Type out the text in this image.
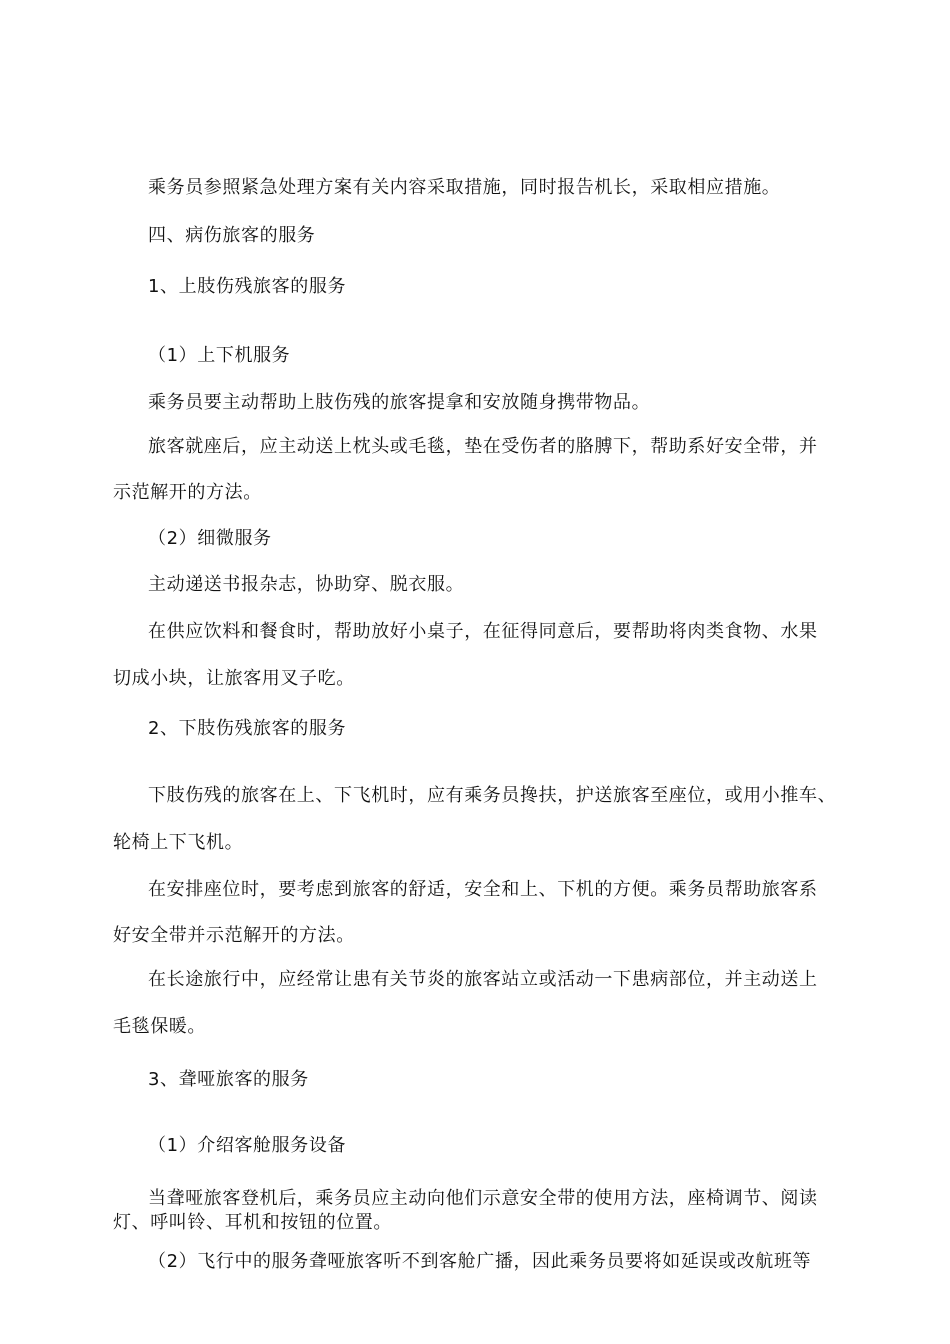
乘务员参照紧急处理方案有关内容采取措施，同时报告机长，采取相应措施。
四、病伤旅客的服务
1、上肢伤残旅客的服务
（1）上下机服务
乘务员要主动帮助上肢伤残的旅客提拿和安放随身携带物品。
旅客就座后，应主动送上枕头或毛毯，垫在受伤者的胳膊下，帮助系好安全带，并
示范解开的方法。
（2）细微服务
主动递送书报杂志，协助穿、脱衣服。
在供应饮料和餐食时，帮助放好小桌子，在征得同意后，要帮助将肉类食物、水果
切成小块，让旅客用叉子吃。
2、下肢伤残旅客的服务
下肢伤残的旅客在上、下飞机时，应有乘务员搀扶，护送旅客至座位，或用小推车、
轮椅上下飞机。
在安排座位时，要考虑到旅客的舒适，安全和上、下机的方便。乘务员帮助旅客系
好安全带并示范解开的方法。
在长途旅行中，应经常让患有关节炎的旅客站立或活动一下患病部位，并主动送上
毛毯保暖。
3、聋哑旅客的服务
（1）介绍客舱服务设备
当聋哑旅客登机后，乘务员应主动向他们示意安全带的使用方法，座椅调节、阅读
灯、呼叫铃、耳机和按钮的位置。
（2）飞行中的服务聋哑旅客听不到客舱广播，因此乘务员要将如延误或改航班等
